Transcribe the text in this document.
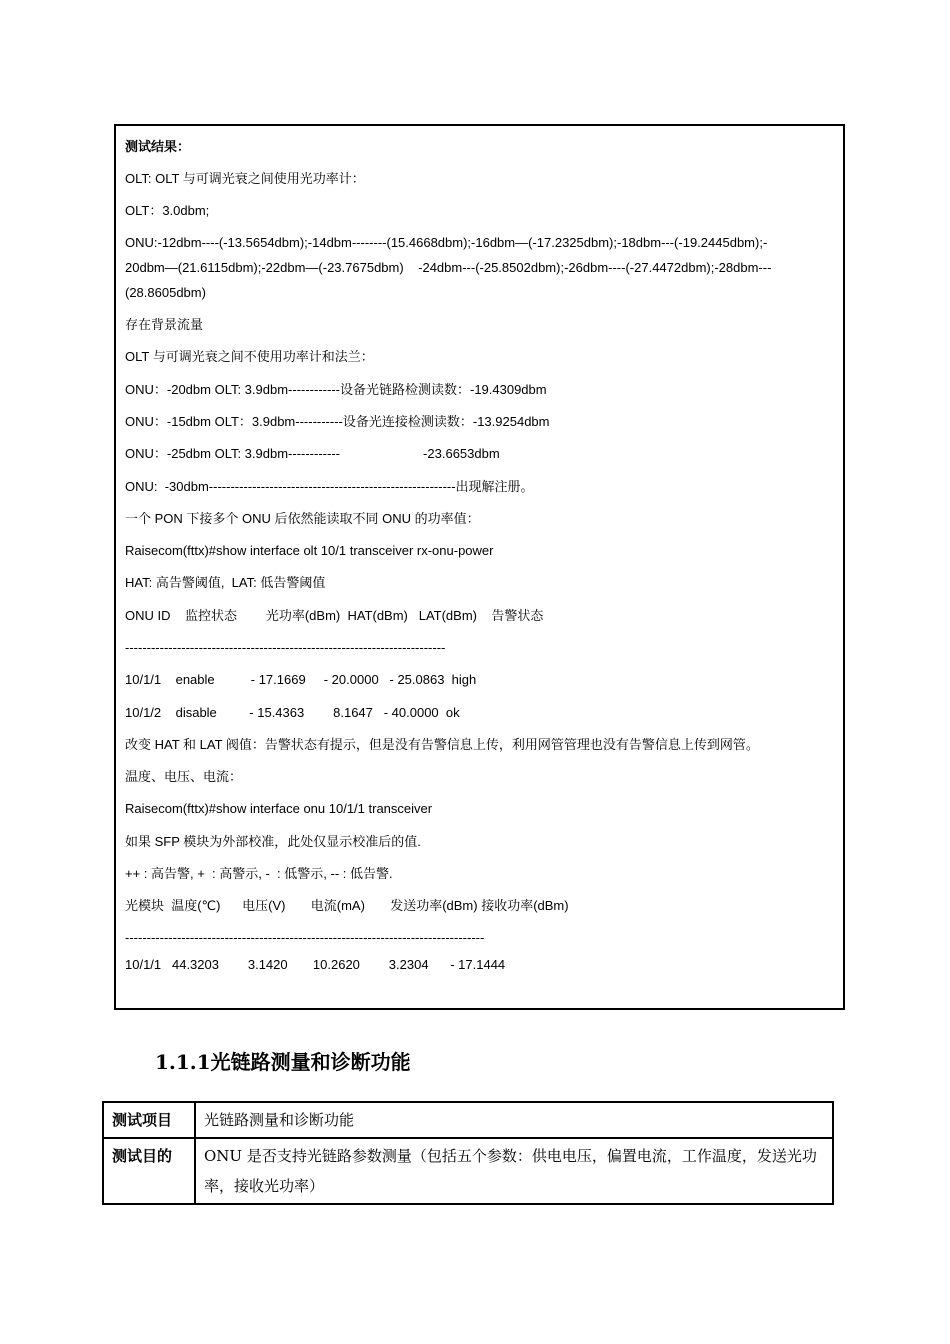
测试结果：
OLT: OLT 与可调光衰之间使用光功率计：
OLT：3.0dbm;
ONU:-12dbm----(-13.5654dbm);-14dbm--------(15.4668dbm);-16dbm—(-17.2325dbm);-18dbm---(-19.2445dbm);-
20dbm—(21.6115dbm);-22dbm—(-23.7675dbm)    -24dbm---(-25.8502dbm);-26dbm----(-27.4472dbm);-28dbm---
(28.8605dbm)
存在背景流量
OLT 与可调光衰之间不使用功率计和法兰：
ONU：-20dbm OLT: 3.9dbm------------设备光链路检测读数：-19.4309dbm
ONU：-15dbm OLT：3.9dbm-----------设备光连接检测读数：-13.9254dbm
ONU：-25dbm OLT: 3.9dbm------------                       -23.6653dbm
ONU:  -30dbm---------------------------------------------------------出现解注册。
一个 PON 下接多个 ONU 后依然能读取不同 ONU 的功率值：
Raisecom(fttx)#show interface olt 10/1 transceiver rx-onu-power
HAT: 高告警阈值,  LAT: 低告警阈值
ONU ID    监控状态        光功率(dBm)  HAT(dBm)   LAT(dBm)    告警状态
--------------------------------------------------------------------------
10/1/1    enable          - 17.1669     - 20.0000   - 25.0863  high
10/1/2    disable         - 15.4363        8.1647   - 40.0000  ok
改变 HAT 和 LAT 阀值：告警状态有提示，但是没有告警信息上传，利用网管管理也没有告警信息上传到网管。
温度、电压、电流：
Raisecom(fttx)#show interface onu 10/1/1 transceiver
如果 SFP 模块为外部校准，此处仅显示校准后的值.
++ : 高告警, +  : 高警示, -  : 低警示, -- : 低告警.
光模块  温度(℃)      电压(V)       电流(mA)       发送功率(dBm) 接收功率(dBm)
-----------------------------------------------------------------------------------
10/1/1   44.3203        3.1420       10.2620        3.2304      - 17.1444
1.1.1光链路测量和诊断功能
测试项目	光链路测量和诊断功能
测试目的	ONU 是否支持光链路参数测量（包括五个参数：供电电压，偏置电流，工作温度，发送光功率，接收光功率）
